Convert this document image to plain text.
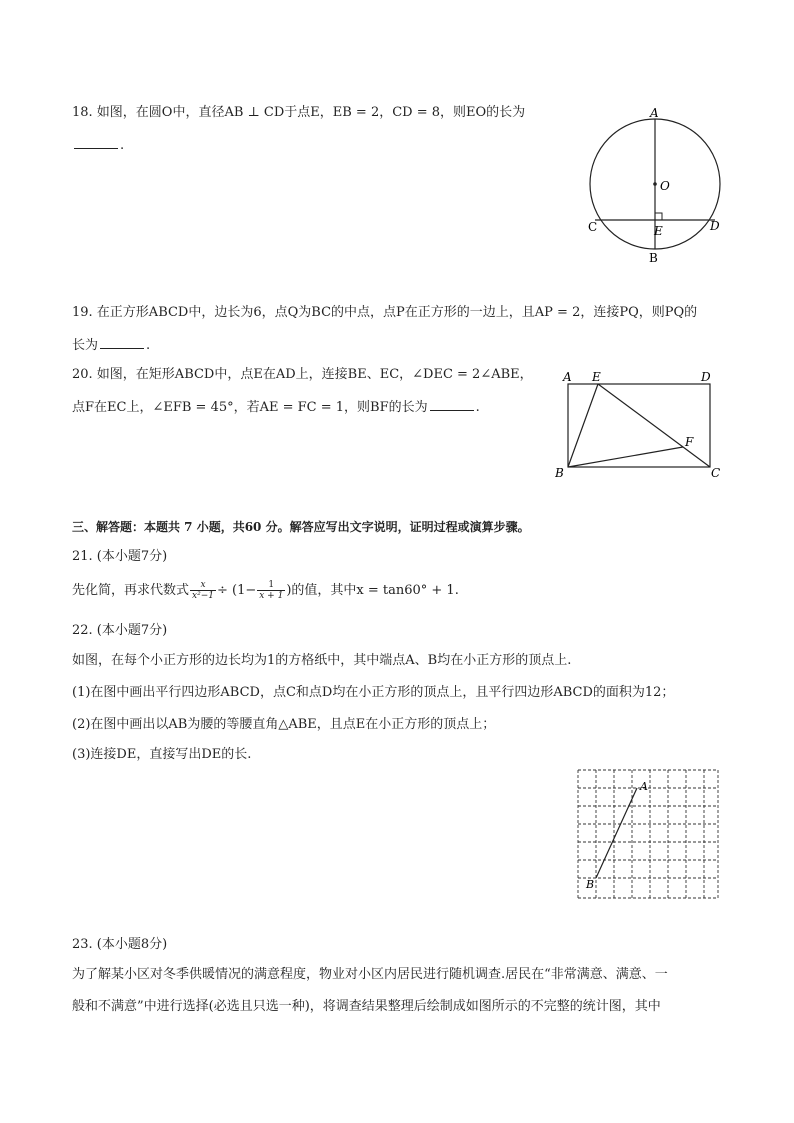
18. 如图，在圆O中，直径AB ⊥ CD于点E，EB = 2，CD = 8，则EO的长为
.
A
O
C	E	D
B
19. 在正方形ABCD中，边长为6，点Q为BC的中点，点P在正方形的一边上，且AP = 2，连接PQ，则PQ的
长为	.
20. 如图，在矩形ABCD中，点E在AD上，连接BE、EC，∠DEC = 2∠ABE，
点F在EC上，∠EFB = 45°，若AE = FC = 1，则BF的长为	.
A E	D
F
B	C
三、解答题：本题共 7 小题，共60 分。解答应写出文字说明，证明过程或演算步骤。
21. (本小题7分)
先化简，再求代数式 $\frac{x}{\text{x²−1}} \div (1- \frac{1}{x + 1}$ )的值，其中x = tan60° + 1.
22. (本小题7分)
如图，在每个小正方形的边长均为1的方格纸中，其中端点A、B均在小正方形的顶点上.
(1)在图中画出平行四边形ABCD，点C和点D均在小正方形的顶点上，且平行四边形ABCD的面积为12；
(2)在图中画出以AB为腰的等腰直角△ABE，且点E在小正方形的顶点上；
(3)连接DE，直接写出DE的长.
A
B
23. (本小题8分)
为了解某小区对冬季供暖情况的满意程度，物业对小区内居民进行随机调查.居民在“非常满意、满意、一
般和不满意”中进行选择(必选且只选一种)，将调查结果整理后绘制成如图所示的不完整的统计图，其中
